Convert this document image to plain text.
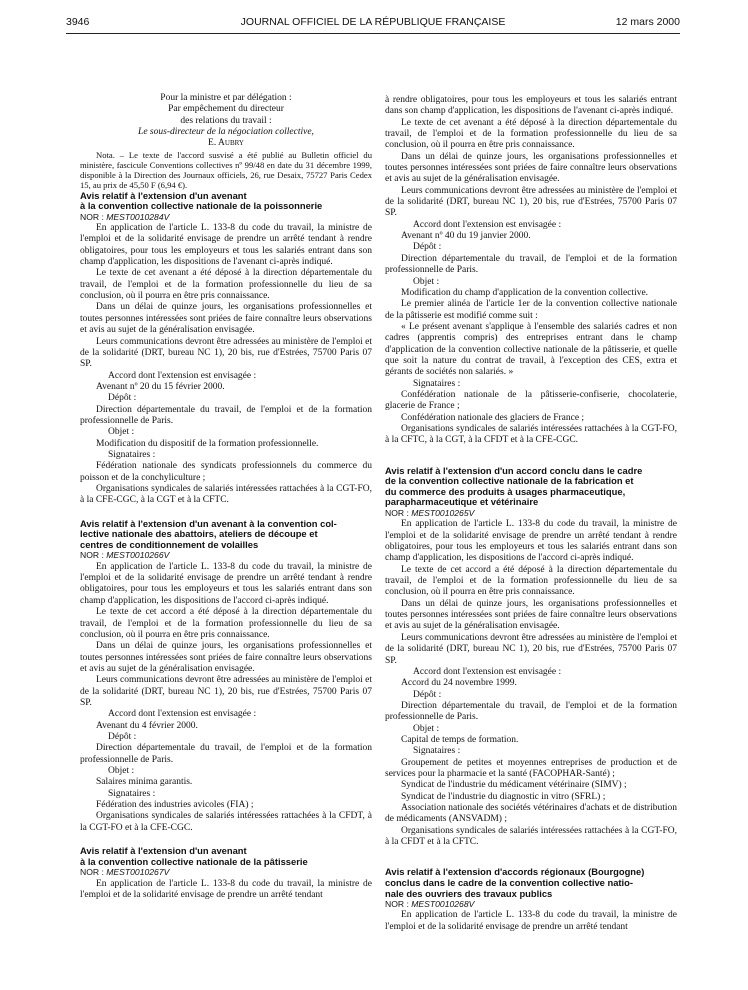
3946	JOURNAL OFFICIEL DE LA RÉPUBLIQUE FRANÇAISE	12 mars 2000

Pour la ministre et par délégation :

Par empêchement du directeur

des relations du travail :

Le sous-directeur de la négociation collective,

E. Aubry

Nota. – Le texte de l'accord susvisé a été publié au Bulletin officiel du ministère, fascicule Conventions collectives nº 99/48 en date du 31 décembre 1999, disponible à la Direction des Journaux officiels, 26, rue Desaix, 75727 Paris Cedex 15, au prix de 45,50 F (6,94 €).

Avis relatif à l'extension d'un avenant

à la convention collective nationale de la poissonnerie

NOR : MEST0010284V

En application de l'article L. 133-8 du code du travail, la ministre de l'emploi et de la solidarité envisage de prendre un arrêté tendant à rendre obligatoires, pour tous les employeurs et tous les salariés entrant dans son champ d'application, les dispositions de l'avenant ci-après indiqué.

Le texte de cet avenant a été déposé à la direction départementale du travail, de l'emploi et de la formation professionnelle du lieu de sa conclusion, où il pourra en être pris connaissance.

Dans un délai de quinze jours, les organisations professionnelles et toutes personnes intéressées sont priées de faire connaître leurs observations et avis au sujet de la généralisation envisagée.

Leurs communications devront être adressées au ministère de l'emploi et de la solidarité (DRT, bureau NC 1), 20 bis, rue d'Estrées, 75700 Paris 07 SP.

Accord dont l'extension est envisagée :

Avenant nº 20 du 15 février 2000.

Dépôt :

Direction départementale du travail, de l'emploi et de la formation professionnelle de Paris.

Objet :

Modification du dispositif de la formation professionnelle.

Signataires :

Fédération nationale des syndicats professionnels du commerce du poisson et de la conchyliculture ;

Organisations syndicales de salariés intéressées rattachées à la CGT-FO, à la CFE-CGC, à la CGT et à la CFTC.

Avis relatif à l'extension d'un avenant à la convention col-

lective nationale des abattoirs, ateliers de découpe et

centres de conditionnement de volailles

NOR : MEST0010266V

En application de l'article L. 133-8 du code du travail, la ministre de l'emploi et de la solidarité envisage de prendre un arrêté tendant à rendre obligatoires, pour tous les employeurs et tous les salariés entrant dans son champ d'application, les dispositions de l'accord ci-après indiqué.

Le texte de cet accord a été déposé à la direction départementale du travail, de l'emploi et de la formation professionnelle du lieu de sa conclusion, où il pourra en être pris connaissance.

Dans un délai de quinze jours, les organisations professionnelles et toutes personnes intéressées sont priées de faire connaître leurs observations et avis au sujet de la généralisation envisagée.

Leurs communications devront être adressées au ministère de l'emploi et de la solidarité (DRT, bureau NC 1), 20 bis, rue d'Estrées, 75700 Paris 07 SP.

Accord dont l'extension est envisagée :

Avenant du 4 février 2000.

Dépôt :

Direction départementale du travail, de l'emploi et de la formation professionnelle de Paris.

Objet :

Salaires minima garantis.

Signataires :

Fédération des industries avicoles (FIA) ;

Organisations syndicales de salariés intéressées rattachées à la CFDT, à la CGT-FO et à la CFE-CGC.

Avis relatif à l'extension d'un avenant

à la convention collective nationale de la pâtisserie

NOR : MEST0010267V

En application de l'article L. 133-8 du code du travail, la ministre de l'emploi et de la solidarité envisage de prendre un arrêté tendant

à rendre obligatoires, pour tous les employeurs et tous les salariés entrant dans son champ d'application, les dispositions de l'avenant ci-après indiqué.

Le texte de cet avenant a été déposé à la direction départementale du travail, de l'emploi et de la formation professionnelle du lieu de sa conclusion, où il pourra en être pris connaissance.

Dans un délai de quinze jours, les organisations professionnelles et toutes personnes intéressées sont priées de faire connaître leurs observations et avis au sujet de la généralisation envisagée.

Leurs communications devront être adressées au ministère de l'emploi et de la solidarité (DRT, bureau NC 1), 20 bis, rue d'Estrées, 75700 Paris 07 SP.

Accord dont l'extension est envisagée :

Avenant nº 40 du 19 janvier 2000.

Dépôt :

Direction départementale du travail, de l'emploi et de la formation professionnelle de Paris.

Objet :

Modification du champ d'application de la convention collective.

Le premier alinéa de l'article 1er de la convention collective nationale de la pâtisserie est modifié comme suit :

« Le présent avenant s'applique à l'ensemble des salariés cadres et non cadres (apprentis compris) des entreprises entrant dans le champ d'application de la convention collective nationale de la pâtisserie, et quelle que soit la nature du contrat de travail, à l'exception des CES, extra et gérants de sociétés non salariés. »

Signataires :

Confédération nationale de la pâtisserie-confiserie, chocolaterie, glacerie de France ;

Confédération nationale des glaciers de France ;

Organisations syndicales de salariés intéressées rattachées à la CGT-FO, à la CFTC, à la CGT, à la CFDT et à la CFE-CGC.

Avis relatif à l'extension d'un accord conclu dans le cadre

de la convention collective nationale de la fabrication et

du commerce des produits à usages pharmaceutique,

parapharmaceutique et vétérinaire

NOR : MEST0010265V

En application de l'article L. 133-8 du code du travail, la ministre de l'emploi et de la solidarité envisage de prendre un arrêté tendant à rendre obligatoires, pour tous les employeurs et tous les salariés entrant dans son champ d'application, les dispositions de l'accord ci-après indiqué.

Le texte de cet accord a été déposé à la direction départementale du travail, de l'emploi et de la formation professionnelle du lieu de sa conclusion, où il pourra en être pris connaissance.

Dans un délai de quinze jours, les organisations professionnelles et toutes personnes intéressées sont priées de faire connaître leurs observations et avis au sujet de la généralisation envisagée.

Leurs communications devront être adressées au ministère de l'emploi et de la solidarité (DRT, bureau NC 1), 20 bis, rue d'Estrées, 75700 Paris 07 SP.

Accord dont l'extension est envisagée :

Accord du 24 novembre 1999.

Dépôt :

Direction départementale du travail, de l'emploi et de la formation professionnelle de Paris.

Objet :

Capital de temps de formation.

Signataires :

Groupement de petites et moyennes entreprises de production et de services pour la pharmacie et la santé (FACOPHAR-Santé) ;

Syndicat de l'industrie du médicament vétérinaire (SIMV) ;

Syndicat de l'industrie du diagnostic in vitro (SFRL) ;

Association nationale des sociétés vétérinaires d'achats et de distribution de médicaments (ANSVADM) ;

Organisations syndicales de salariés intéressées rattachées à la CGT-FO, à la CFDT et à la CFTC.

Avis relatif à l'extension d'accords régionaux (Bourgogne)

conclus dans le cadre de la convention collective natio-

nale des ouvriers des travaux publics

NOR : MEST0010268V

En application de l'article L. 133-8 du code du travail, la ministre de l'emploi et de la solidarité envisage de prendre un arrêté tendant
